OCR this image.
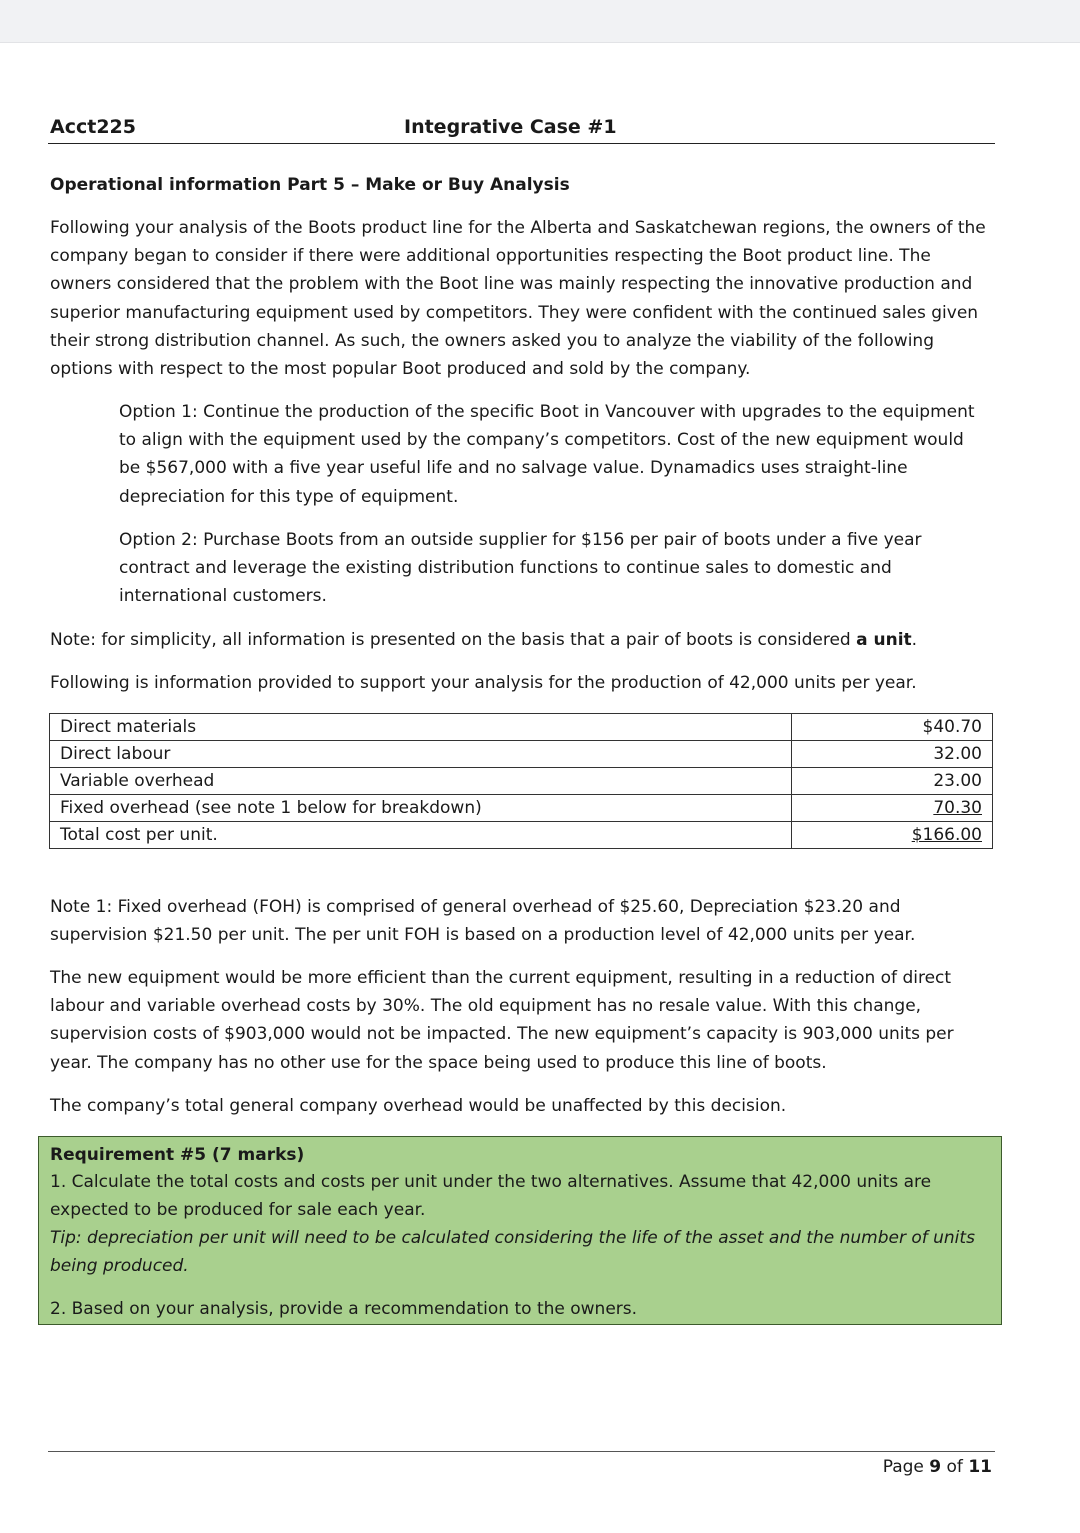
Acct225	Integrative Case #1
Operational information Part 5 – Make or Buy Analysis
Following your analysis of the Boots product line for the Alberta and Saskatchewan regions, the owners of the company began to consider if there were additional opportunities respecting the Boot product line. The owners considered that the problem with the Boot line was mainly respecting the innovative production and superior manufacturing equipment used by competitors. They were confident with the continued sales given their strong distribution channel. As such, the owners asked you to analyze the viability of the following options with respect to the most popular Boot produced and sold by the company.
Option 1: Continue the production of the specific Boot in Vancouver with upgrades to the equipment to align with the equipment used by the company’s competitors. Cost of the new equipment would be $567,000 with a five year useful life and no salvage value. Dynamadics uses straight-line depreciation for this type of equipment.
Option 2: Purchase Boots from an outside supplier for $156 per pair of boots under a five year contract and leverage the existing distribution functions to continue sales to domestic and international customers.
Note: for simplicity, all information is presented on the basis that a pair of boots is considered a unit.
Following is information provided to support your analysis for the production of 42,000 units per year.
Direct materials	$40.70
Direct labour	32.00
Variable overhead	23.00
Fixed overhead (see note 1 below for breakdown)	70.30
Total cost per unit.	$166.00
Note 1: Fixed overhead (FOH) is comprised of general overhead of $25.60, Depreciation $23.20 and supervision $21.50 per unit. The per unit FOH is based on a production level of 42,000 units per year.
The new equipment would be more efficient than the current equipment, resulting in a reduction of direct labour and variable overhead costs by 30%. The old equipment has no resale value. With this change, supervision costs of $903,000 would not be impacted. The new equipment’s capacity is 903,000 units per year. The company has no other use for the space being used to produce this line of boots.
The company’s total general company overhead would be unaffected by this decision.
Requirement #5 (7 marks)
1. Calculate the total costs and costs per unit under the two alternatives. Assume that 42,000 units are expected to be produced for sale each year.
Tip: depreciation per unit will need to be calculated considering the life of the asset and the number of units being produced.
2. Based on your analysis, provide a recommendation to the owners.
Page 9 of 11
